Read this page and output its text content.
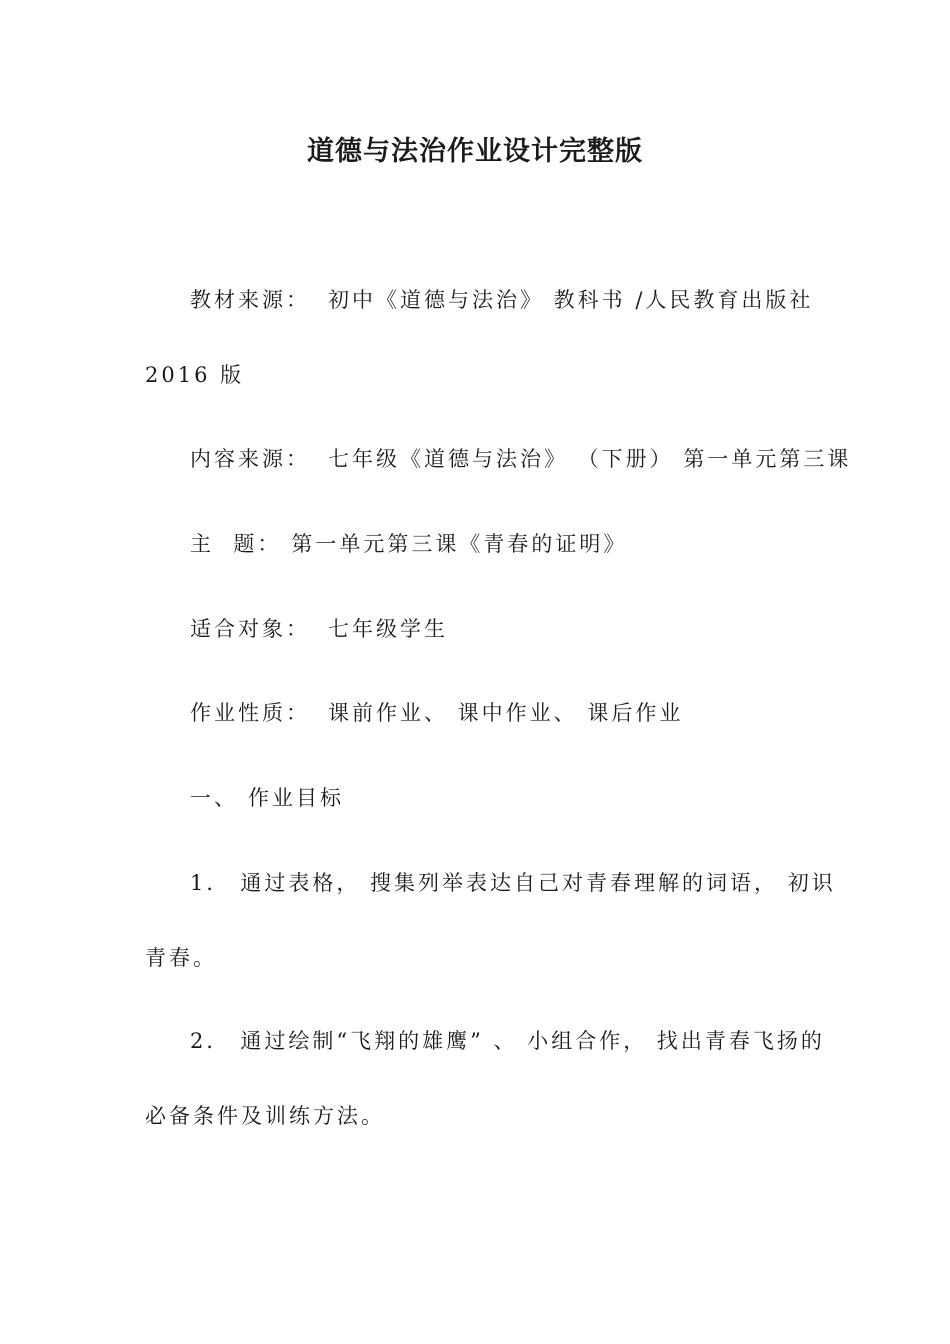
道德与法治作业设计完整版

教材来源： 初中《道德与法治》 教科书 /人民教育出版社

2016 版

内容来源： 七年级《道德与法治》 （下册） 第一单元第三课

主  题： 第一单元第三课《青春的证明》

适合对象： 七年级学生

作业性质： 课前作业、 课中作业、 课后作业

一、 作业目标

1． 通过表格， 搜集列举表达自己对青春理解的词语， 初识

青春。

2． 通过绘制“飞翔的雄鹰” 、 小组合作， 找出青春飞扬的

必备条件及训练方法。
